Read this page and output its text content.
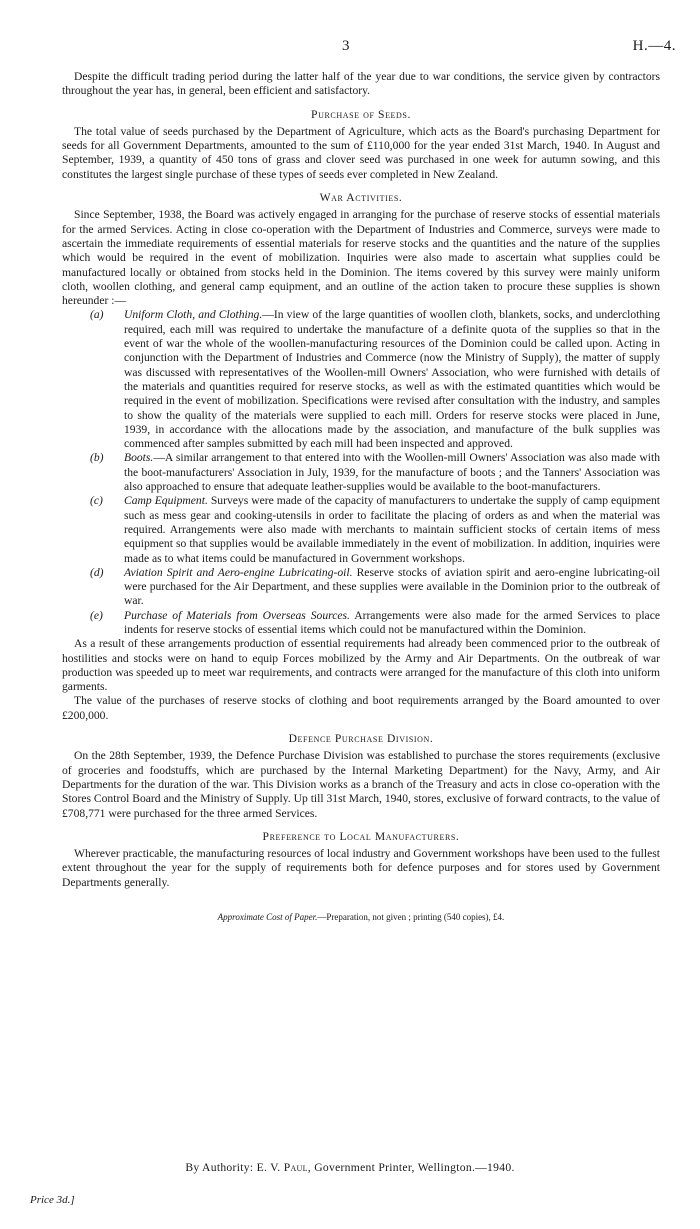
3	H.—4.

Despite the difficult trading period during the latter half of the year due to war conditions, the service given by contractors throughout the year has, in general, been efficient and satisfactory.

Purchase of Seeds.

The total value of seeds purchased by the Department of Agriculture, which acts as the Board's purchasing Department for seeds for all Government Departments, amounted to the sum of £110,000 for the year ended 31st March, 1940. In August and September, 1939, a quantity of 450 tons of grass and clover seed was purchased in one week for autumn sowing, and this constitutes the largest single purchase of these types of seeds ever completed in New Zealand.

War Activities.

Since September, 1938, the Board was actively engaged in arranging for the purchase of reserve stocks of essential materials for the armed Services. Acting in close co-operation with the Department of Industries and Commerce, surveys were made to ascertain the immediate requirements of essential materials for reserve stocks and the quantities and the nature of the supplies which would be required in the event of mobilization. Inquiries were also made to ascertain what supplies could be manufactured locally or obtained from stocks held in the Dominion. The items covered by this survey were mainly uniform cloth, woollen clothing, and general camp equipment, and an outline of the action taken to procure these supplies is shown hereunder :—

(a) Uniform Cloth, and Clothing.—In view of the large quantities of woollen cloth, blankets, socks, and underclothing required, each mill was required to undertake the manufacture of a definite quota of the supplies so that in the event of war the whole of the woollen-manufacturing resources of the Dominion could be called upon. Acting in conjunction with the Department of Industries and Commerce (now the Ministry of Supply), the matter of supply was discussed with representatives of the Woollen-mill Owners' Association, who were furnished with details of the materials and quantities required for reserve stocks, as well as with the estimated quantities which would be required in the event of mobilization. Specifications were revised after consultation with the industry, and samples to show the quality of the materials were supplied to each mill. Orders for reserve stocks were placed in June, 1939, in accordance with the allocations made by the association, and manufacture of the bulk supplies was commenced after samples submitted by each mill had been inspected and approved.
(b) Boots.—A similar arrangement to that entered into with the Woollen-mill Owners' Association was also made with the boot-manufacturers' Association in July, 1939, for the manufacture of boots ; and the Tanners' Association was also approached to ensure that adequate leather-supplies would be available to the boot-manufacturers.
(c) Camp Equipment. Surveys were made of the capacity of manufacturers to undertake the supply of camp equipment such as mess gear and cooking-utensils in order to facilitate the placing of orders as and when the material was required. Arrangements were also made with merchants to maintain sufficient stocks of certain items of mess equipment so that supplies would be available immediately in the event of mobilization. In addition, inquiries were made as to what items could be manufactured in Government workshops.
(d) Aviation Spirit and Aero-engine Lubricating-oil. Reserve stocks of aviation spirit and aero-engine lubricating-oil were purchased for the Air Department, and these supplies were available in the Dominion prior to the outbreak of war.
(e) Purchase of Materials from Overseas Sources. Arrangements were also made for the armed Services to place indents for reserve stocks of essential items which could not be manufactured within the Dominion.

As a result of these arrangements production of essential requirements had already been commenced prior to the outbreak of hostilities and stocks were on hand to equip Forces mobilized by the Army and Air Departments. On the outbreak of war production was speeded up to meet war requirements, and contracts were arranged for the manufacture of this cloth into uniform garments.

The value of the purchases of reserve stocks of clothing and boot requirements arranged by the Board amounted to over £200,000.

Defence Purchase Division.

On the 28th September, 1939, the Defence Purchase Division was established to purchase the stores requirements (exclusive of groceries and foodstuffs, which are purchased by the Internal Marketing Department) for the Navy, Army, and Air Departments for the duration of the war. This Division works as a branch of the Treasury and acts in close co-operation with the Stores Control Board and the Ministry of Supply. Up till 31st March, 1940, stores, exclusive of forward contracts, to the value of £708,771 were purchased for the three armed Services.

Preference to Local Manufacturers.

Wherever practicable, the manufacturing resources of local industry and Government workshops have been used to the fullest extent throughout the year for the supply of requirements both for defence purposes and for stores used by Government Departments generally.

Approximate Cost of Paper.—Preparation, not given ; printing (540 copies), £4.
By Authority: E. V. Paul, Government Printer, Wellington.—1940.
Price 3d.]
